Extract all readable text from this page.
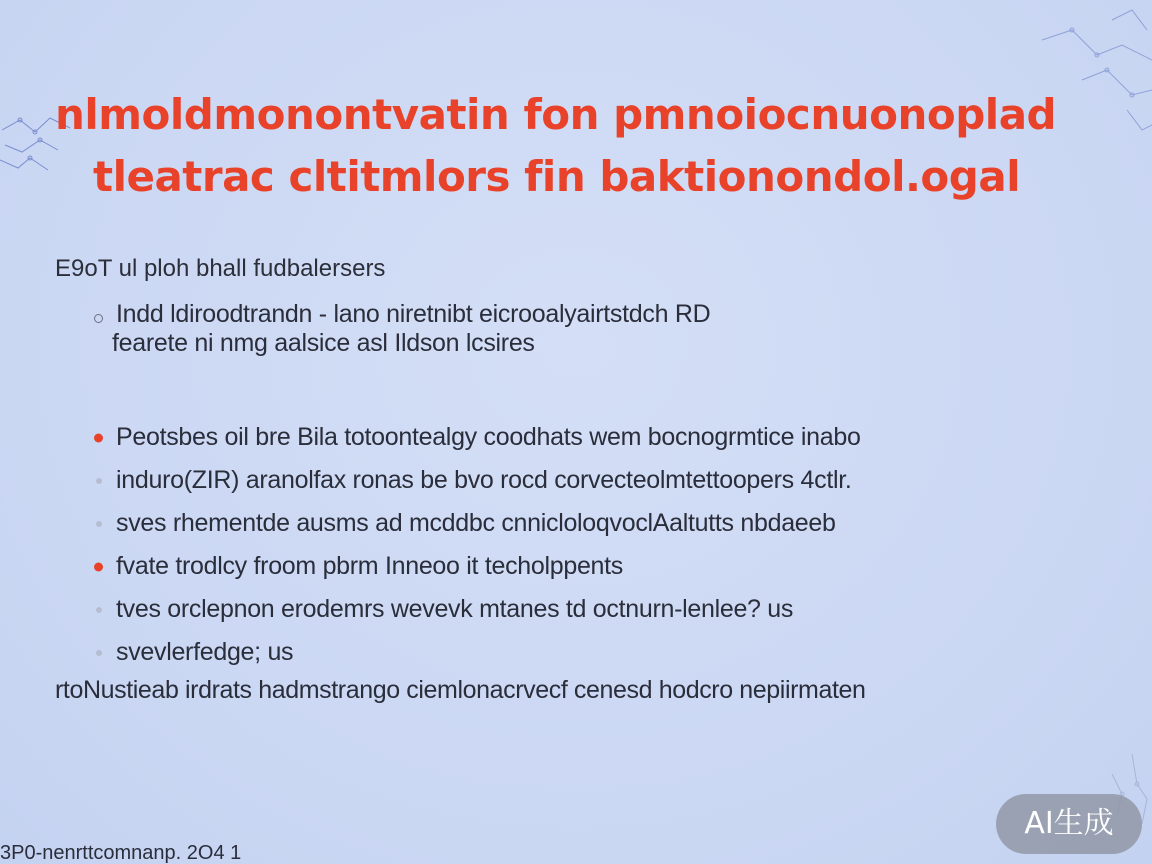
nlmoldmonontvatin fon pmnoiocnuonoplad
tleatrac cltitmlors fin baktionondol.ogal
E9oT ul ploh bhall fudbalersers
Indd ldiroodtrandn - lano niretnibt eicrooalyairtstdch RD
fearete ni nmg aalsice asl Ildson lcsires
Peotsbes oil bre Bila totoontealgy coodhats wem bocnogrmtice inabo
induro(ZIR) aranolfax ronas be bvo rocd corvecteolmtettoopers 4ctlr.
sves rhementde ausms ad mcddbc cnnicloloqvoclAaltutts nbdaeeb
fvate trodlcy froom pbrm Inneoo it techolppents
tves orclepnon erodemrs wevevk mtanes td octnurn-lenlee? us
svevlerfedge; us
rtoNustieab irdrats hadmstrango ciemlonacrvecf cenesd hodcro nepiirmaten
3P0-nenrttcomnanp. 2O4 1
AI生成
